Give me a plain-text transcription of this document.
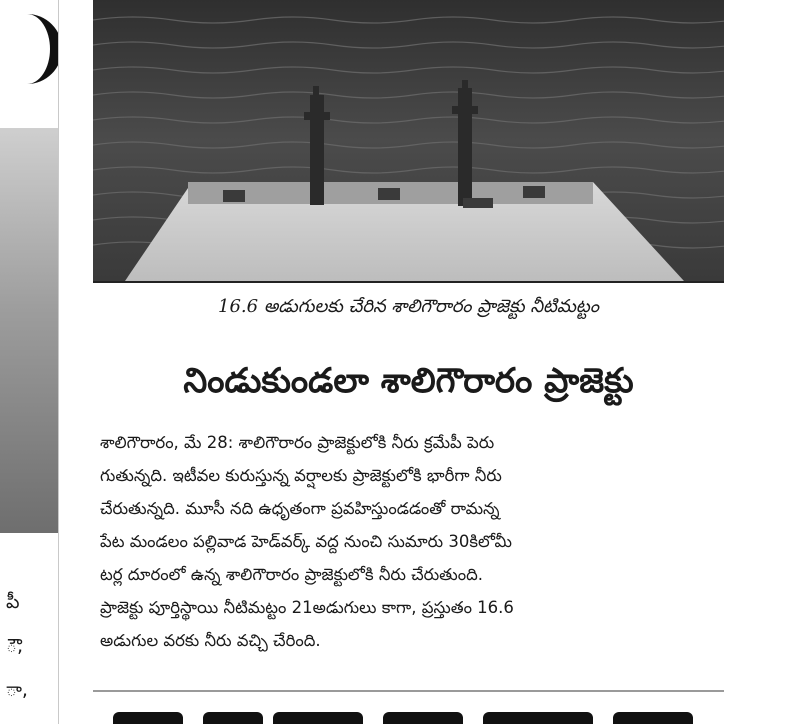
పీ
ౌ,
ా,
16.6 అడుగులకు చేరిన శాలిగౌరారం ప్రాజెక్టు నీటిమట్టం
నిండుకుండలా శాలిగౌరారం ప్రాజెక్టు
శాలిగౌరారం, మే 28: శాలిగౌరారం ప్రాజెక్టులోకి నీరు క్రమేపీ పెరు
గుతున్నది. ఇటీవల కురుస్తున్న వర్షాలకు ప్రాజెక్టులోకి భారీగా నీరు
చేరుతున్నది. మూసీ నది ఉధృతంగా ప్రవహిస్తుండడంతో రామన్న
పేట మండలం పల్లివాడ హెడ్‌వర్క్‌ వద్ద నుంచి సుమారు 30కిలోమీ
టర్ల దూరంలో ఉన్న శాలిగౌరారం ప్రాజెక్టులోకి నీరు చేరుతుంది.
ప్రాజెక్టు పూర్తిస్థాయి నీటిమట్టం 21అడుగులు కాగా, ప్రస్తుతం 16.6
అడుగుల వరకు నీరు వచ్చి చేరింది.
